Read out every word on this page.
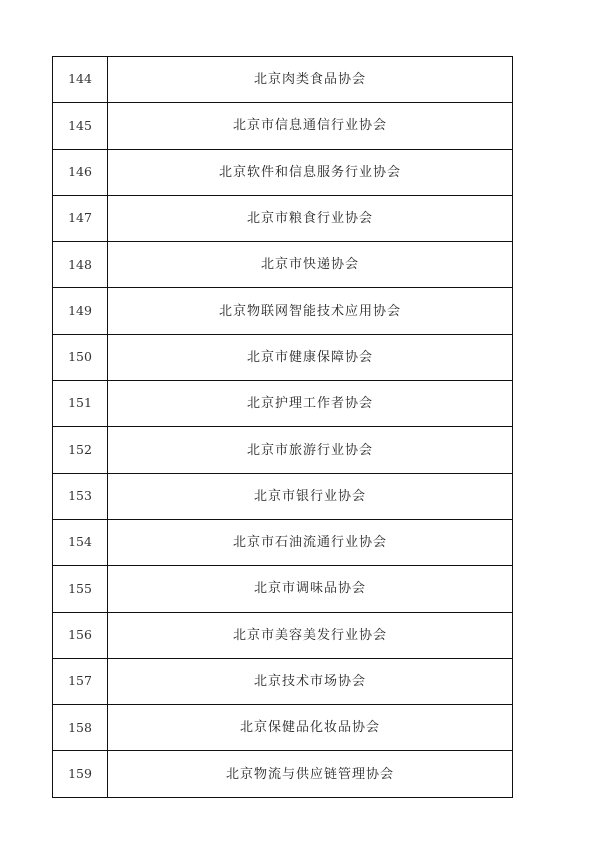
144	北京肉类食品协会
145	北京市信息通信行业协会
146	北京软件和信息服务行业协会
147	北京市粮食行业协会
148	北京市快递协会
149	北京物联网智能技术应用协会
150	北京市健康保障协会
151	北京护理工作者协会
152	北京市旅游行业协会
153	北京市银行业协会
154	北京市石油流通行业协会
155	北京市调味品协会
156	北京市美容美发行业协会
157	北京技术市场协会
158	北京保健品化妆品协会
159	北京物流与供应链管理协会
